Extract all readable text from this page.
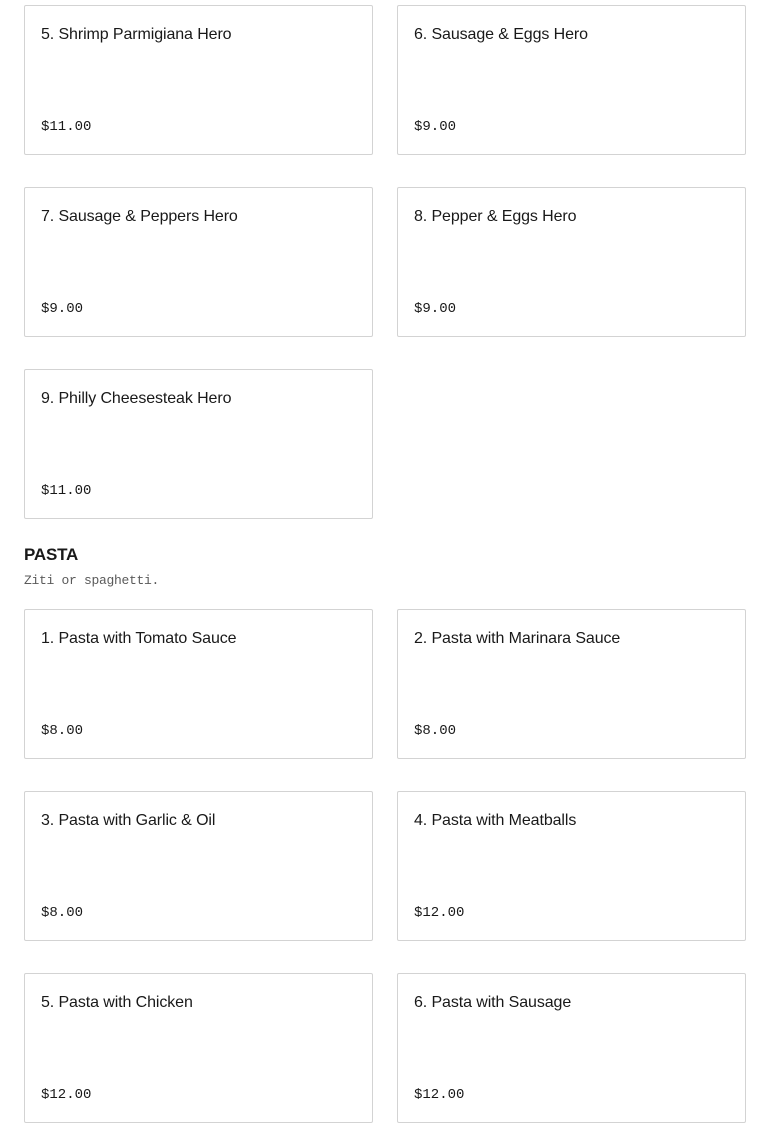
5. Shrimp Parmigiana Hero
$11.00
6. Sausage & Eggs Hero
$9.00
7. Sausage & Peppers Hero
$9.00
8. Pepper & Eggs Hero
$9.00
9. Philly Cheesesteak Hero
$11.00
PASTA

Ziti or spaghetti.

1. Pasta with Tomato Sauce
$8.00
2. Pasta with Marinara Sauce
$8.00
3. Pasta with Garlic & Oil
$8.00
4. Pasta with Meatballs
$12.00
5. Pasta with Chicken
$12.00
6. Pasta with Sausage
$12.00
